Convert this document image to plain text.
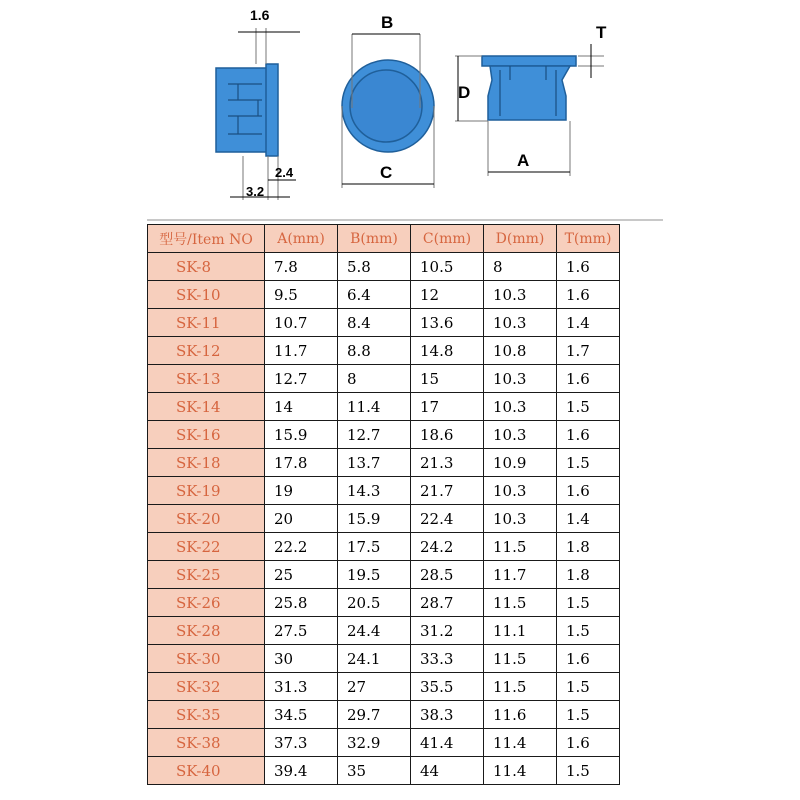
1.6
2.4
3.2
B
C
T
D
A
型号/Item NO	A(mm)	B(mm)	C(mm)	D(mm)	T(mm)
SK-8	7.8	5.8	10.5	8	1.6
SK-10	9.5	6.4	12	10.3	1.6
SK-11	10.7	8.4	13.6	10.3	1.4
SK-12	11.7	8.8	14.8	10.8	1.7
SK-13	12.7	8	15	10.3	1.6
SK-14	14	11.4	17	10.3	1.5
SK-16	15.9	12.7	18.6	10.3	1.6
SK-18	17.8	13.7	21.3	10.9	1.5
SK-19	19	14.3	21.7	10.3	1.6
SK-20	20	15.9	22.4	10.3	1.4
SK-22	22.2	17.5	24.2	11.5	1.8
SK-25	25	19.5	28.5	11.7	1.8
SK-26	25.8	20.5	28.7	11.5	1.5
SK-28	27.5	24.4	31.2	11.1	1.5
SK-30	30	24.1	33.3	11.5	1.6
SK-32	31.3	27	35.5	11.5	1.5
SK-35	34.5	29.7	38.3	11.6	1.5
SK-38	37.3	32.9	41.4	11.4	1.6
SK-40	39.4	35	44	11.4	1.5
